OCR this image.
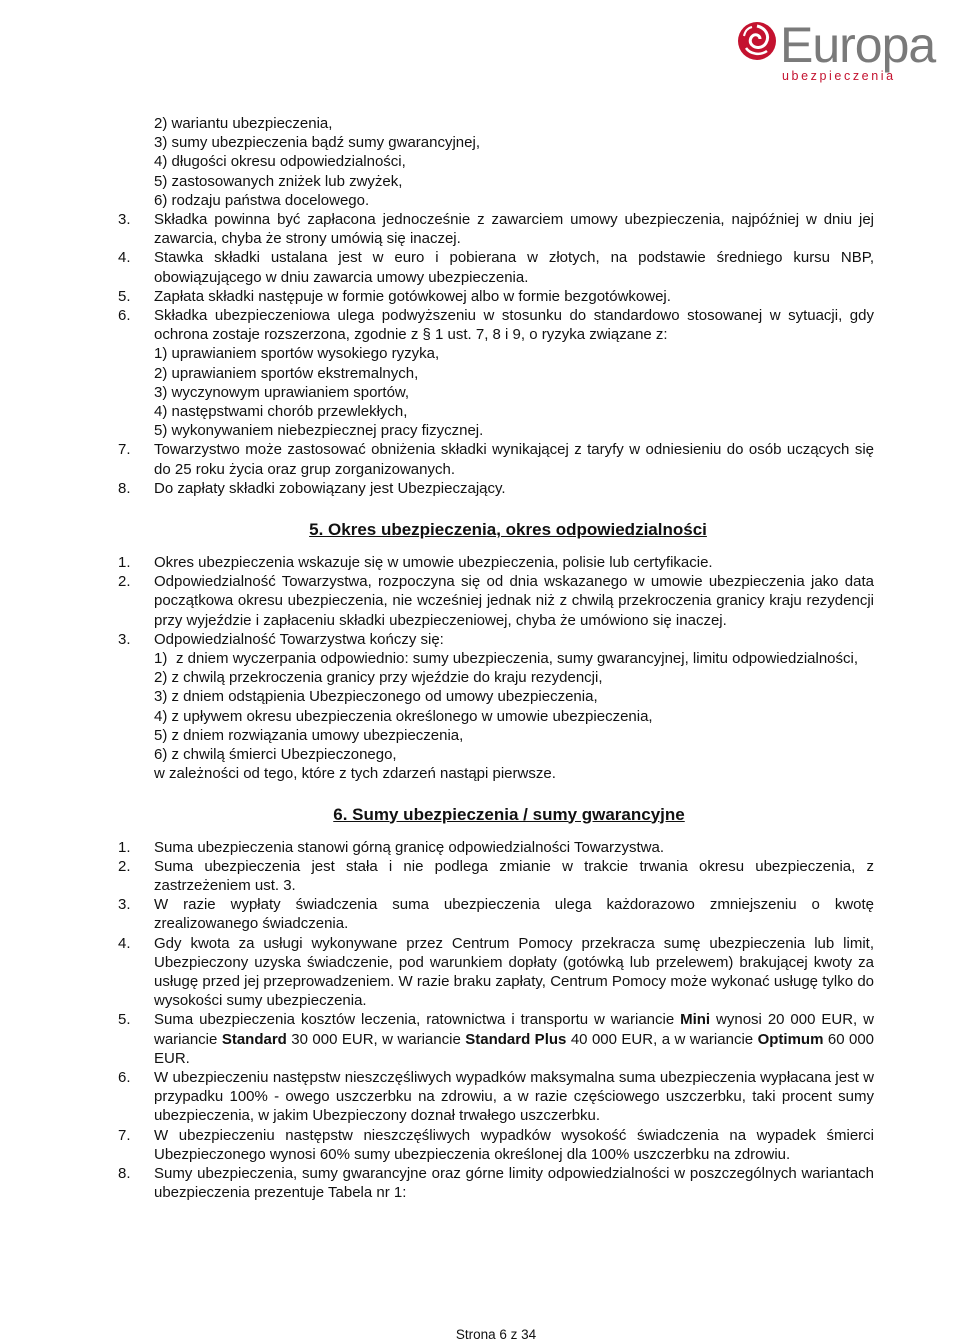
Europa
ubezpieczenia
2) wariantu ubezpieczenia,
3) sumy ubezpieczenia bądź sumy gwarancyjnej,
4) długości okresu odpowiedzialności,
5) zastosowanych zniżek lub zwyżek,
6) rodzaju państwa docelowego.
3.	Składka powinna być zapłacona jednocześnie z zawarciem umowy ubezpieczenia, najpóźniej w dniu jej zawarcia, chyba że strony umówią się inaczej.
4.	Stawka składki ustalana jest w euro i pobierana w złotych, na podstawie średniego kursu NBP, obowiązującego w dniu zawarcia umowy ubezpieczenia.
5.	Zapłata składki następuje w formie gotówkowej albo w formie bezgotówkowej.
6.	Składka ubezpieczeniowa ulega podwyższeniu w stosunku do standardowo stosowanej w sytuacji, gdy ochrona zostaje rozszerzona, zgodnie z § 1 ust. 7, 8 i 9, o ryzyka związane z:
1) uprawianiem sportów wysokiego ryzyka,
2) uprawianiem sportów ekstremalnych,
3) wyczynowym uprawianiem sportów,
4) następstwami chorób przewlekłych,
5) wykonywaniem niebezpiecznej pracy fizycznej.
7.	Towarzystwo może zastosować obniżenia składki wynikającej z taryfy w odniesieniu do osób uczących się do 25 roku życia oraz grup zorganizowanych.
8.	Do zapłaty składki zobowiązany jest Ubezpieczający.
5. Okres ubezpieczenia, okres odpowiedzialności
1.	Okres ubezpieczenia wskazuje się w umowie ubezpieczenia, polisie lub certyfikacie.
2.	Odpowiedzialność Towarzystwa, rozpoczyna się od dnia wskazanego w umowie ubezpieczenia jako data początkowa okresu ubezpieczenia, nie wcześniej jednak niż z chwilą przekroczenia granicy kraju rezydencji przy wyjeździe i zapłaceniu składki ubezpieczeniowej, chyba że umówiono się inaczej.
3.	Odpowiedzialność Towarzystwa kończy się:
1) z dniem wyczerpania odpowiednio: sumy ubezpieczenia, sumy gwarancyjnej, limitu odpowiedzialności,
2) z chwilą przekroczenia granicy przy wjeździe do kraju rezydencji,
3) z dniem odstąpienia Ubezpieczonego od umowy ubezpieczenia,
4) z upływem okresu ubezpieczenia określonego w umowie ubezpieczenia,
5) z dniem rozwiązania umowy ubezpieczenia,
6) z chwilą śmierci Ubezpieczonego,
w zależności od tego, które z tych zdarzeń nastąpi pierwsze.
6. Sumy ubezpieczenia / sumy gwarancyjne
1.	Suma ubezpieczenia stanowi górną granicę odpowiedzialności Towarzystwa.
2.	Suma ubezpieczenia jest stała i nie podlega zmianie w trakcie trwania okresu ubezpieczenia, z zastrzeżeniem ust. 3.
3.	W razie wypłaty świadczenia suma ubezpieczenia ulega każdorazowo zmniejszeniu o kwotę zrealizowanego świadczenia.
4.	Gdy kwota za usługi wykonywane przez Centrum Pomocy przekracza sumę ubezpieczenia lub limit, Ubezpieczony uzyska świadczenie, pod warunkiem dopłaty (gotówką lub przelewem) brakującej kwoty za usługę przed jej przeprowadzeniem. W razie braku zapłaty, Centrum Pomocy może wykonać usługę tylko do wysokości sumy ubezpieczenia.
5.	Suma ubezpieczenia kosztów leczenia, ratownictwa i transportu w wariancie Mini wynosi 20 000 EUR, w wariancie Standard 30 000 EUR, w wariancie Standard Plus 40 000 EUR, a w wariancie Optimum 60 000 EUR.
6.	W ubezpieczeniu następstw nieszczęśliwych wypadków maksymalna suma ubezpieczenia wypłacana jest w przypadku 100% - owego uszczerbku na zdrowiu, a w razie częściowego uszczerbku, taki procent sumy ubezpieczenia, w jakim Ubezpieczony doznał trwałego uszczerbku.
7.	W ubezpieczeniu następstw nieszczęśliwych wypadków wysokość świadczenia na wypadek śmierci Ubezpieczonego wynosi 60% sumy ubezpieczenia określonej dla 100% uszczerbku na zdrowiu.
8.	Sumy ubezpieczenia, sumy gwarancyjne oraz górne limity odpowiedzialności w poszczególnych wariantach ubezpieczenia prezentuje Tabela nr 1:
Strona 6 z 34
